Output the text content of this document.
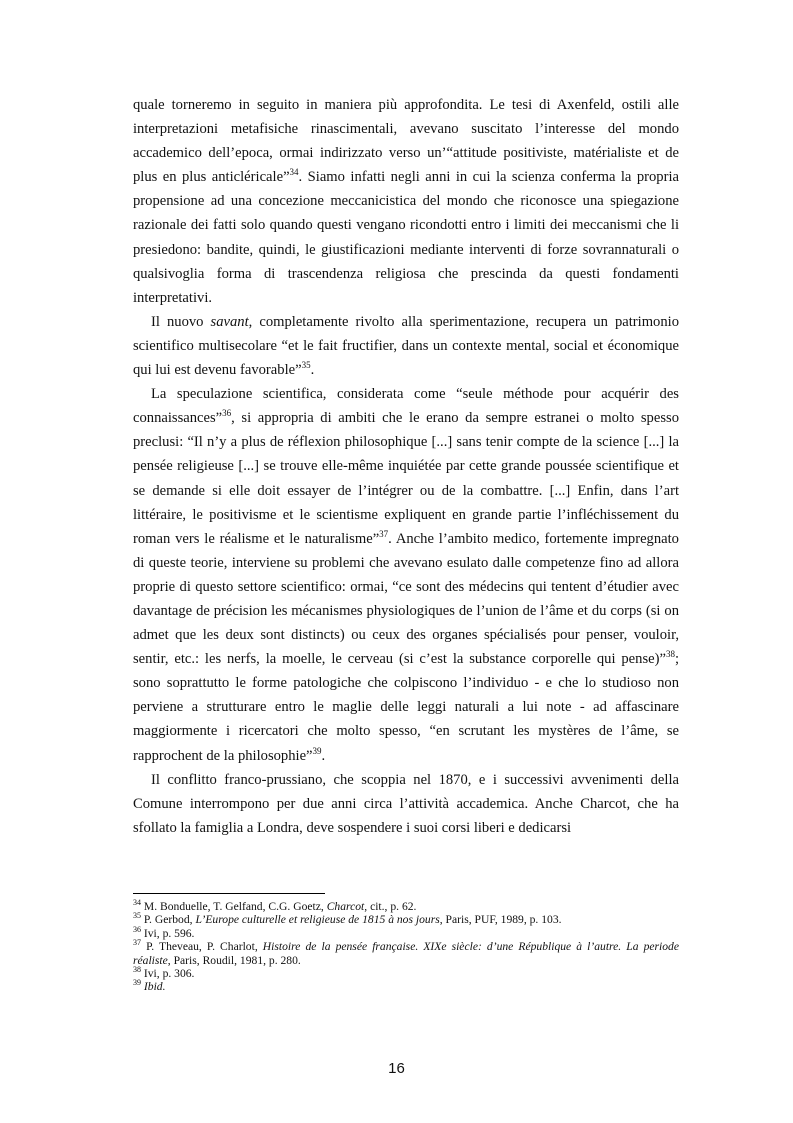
quale torneremo in seguito in maniera più approfondita. Le tesi di Axenfeld, ostili alle interpretazioni metafisiche rinascimentali, avevano suscitato l’interesse del mondo accademico dell’epoca, ormai indirizzato verso un’“attitude positiviste, matérialiste et de plus en plus anticléricale”$^{34}$. Siamo infatti negli anni in cui la scienza conferma la propria propensione ad una concezione meccanicistica del mondo che riconosce una spiegazione razionale dei fatti solo quando questi vengano ricondotti entro i limiti dei meccanismi che li presiedono: bandite, quindi, le giustificazioni mediante interventi di forze sovrannaturali o qualsivoglia forma di trascendenza religiosa che prescinda da questi fondamenti interpretativi.

Il nuovo savant, completamente rivolto alla sperimentazione, recupera un patrimonio scientifico multisecolare “et le fait fructifier, dans un contexte mental, social et économique qui lui est devenu favorable”$^{35}$.

La speculazione scientifica, considerata come “seule méthode pour acquérir des connaissances”$^{36}$, si appropria di ambiti che le erano da sempre estranei o molto spesso preclusi: “Il n’y a plus de réflexion philosophique [...] sans tenir compte de la science [...] la pensée religieuse [...] se trouve elle-même inquiétée par cette grande poussée scientifique et se demande si elle doit essayer de l’intégrer ou de la combattre. [...] Enfin, dans l’art littéraire, le positivisme et le scientisme expliquent en grande partie l’infléchissement du roman vers le réalisme et le naturalisme”$^{37}$. Anche l’ambito medico, fortemente impregnato di queste teorie, interviene su problemi che avevano esulato dalle competenze fino ad allora proprie di questo settore scientifico: ormai, “ce sont des médecins qui tentent d’étudier avec davantage de précision les mécanismes physiologiques de l’union de l’âme et du corps (si on admet que les deux sont distincts) ou ceux des organes spécialisés pour penser, vouloir, sentir, etc.: les nerfs, la moelle, le cerveau (si c’est la substance corporelle qui pense)”$^{38}$; sono soprattutto le forme patologiche che colpiscono l’individuo - e che lo studioso non perviene a strutturare entro le maglie delle leggi naturali a lui note - ad affascinare maggiormente i ricercatori che molto spesso, “en scrutant les mystères de l’âme, se rapprochent de la philosophie”$^{39}$.

Il conflitto franco-prussiano, che scoppia nel 1870, e i successivi avvenimenti della Comune interrompono per due anni circa l’attività accademica. Anche Charcot, che ha sfollato la famiglia a Londra, deve sospendere i suoi corsi liberi e dedicarsi

$^{34}$ M. Bonduelle, T. Gelfand, C.G. Goetz, Charcot, cit., p. 62.
$^{35}$ P. Gerbod, L’Europe culturelle et religieuse de 1815 à nos jours, Paris, PUF, 1989, p. 103.
$^{36}$ Ivi, p. 596.
$^{37}$ P. Theveau, P. Charlot, Histoire de la pensée française. XIXe siècle: d’une République à l’autre. La periode réaliste, Paris, Roudil, 1981, p. 280.
$^{38}$ Ivi, p. 306.
$^{39}$ Ibid.
16
